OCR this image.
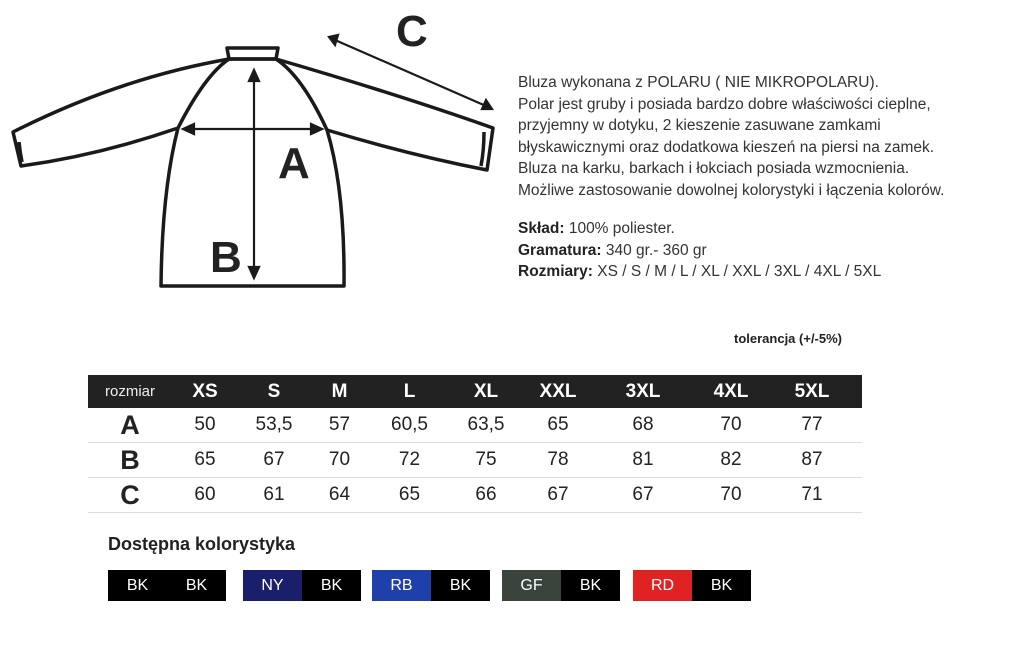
A
B
C

Bluza wykonana z POLARU ( NIE MIKROPOLARU).

Polar jest gruby i posiada bardzo dobre właściwości cieplne,

przyjemny w dotyku, 2 kieszenie zasuwane zamkami

błyskawicznymi oraz dodatkowa kieszeń na piersi na zamek.

Bluza na karku, barkach i łokciach posiada wzmocnienia.

Możliwe zastosowanie dowolnej kolorystyki i łączenia kolorów.

Skład: 100% poliester.
Gramatura: 340 gr.- 360 gr
Rozmiary: XS / S / M / L / XL / XXL / 3XL / 4XL / 5XL
tolerancja (+/-5%)
rozmiar	XS	S	M	L	XL	XXL	3XL	4XL	5XL
A	50	53,5	57	60,5	63,5	65	68	70	77
B	65	67	70	72	75	78	81	82	87
C	60	61	64	65	66	67	67	70	71
Dostępna kolorystyka
BK	BK	NY	BK	RB	BK	GF	BK	RD	BK
